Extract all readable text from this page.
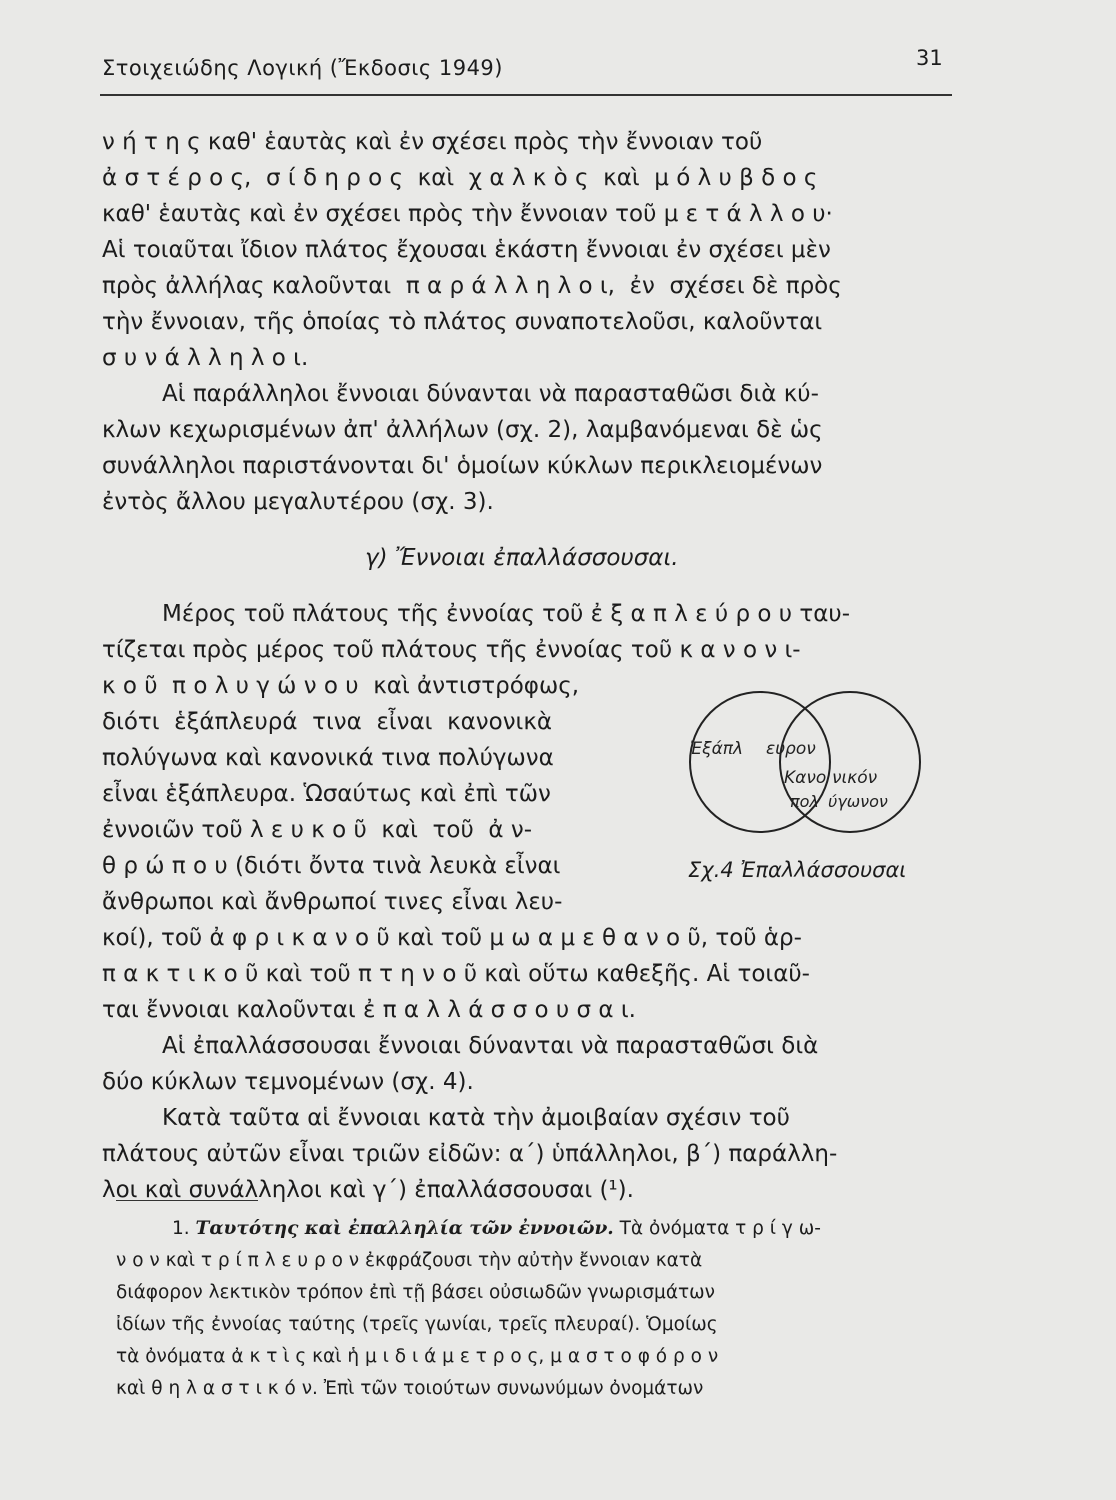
Στοιχειώδης Λογική (Ἔκδοσις 1949)	31
ν ή τ η ς καθ' ἑαυτὰς καὶ ἐν σχέσει πρὸς τὴν ἔννοιαν τοῦ
ἀ σ τ έ ρ ο ς,  σ ί δ η ρ ο ς  καὶ  χ α λ κ ὸ ς  καὶ  μ ό λ υ β δ ο ς
καθ' ἑαυτὰς καὶ ἐν σχέσει πρὸς τὴν ἔννοιαν τοῦ μ ε τ ά λ λ ο υ·
Αἱ τοιαῦται ἴδιον πλάτος ἔχουσαι ἑκάστη ἔννοιαι ἐν σχέσει μὲν
πρὸς ἀλλήλας καλοῦνται  π α ρ ά λ λ η λ ο ι,  ἐν  σχέσει δὲ πρὸς
τὴν ἔννοιαν, τῆς ὁποίας τὸ πλάτος συναποτελοῦσι, καλοῦνται
σ υ ν ά λ λ η λ ο ι.
Αἱ παράλληλοι ἔννοιαι δύνανται νὰ παρασταθῶσι διὰ κύ-
κλων κεχωρισμένων ἀπ' ἀλλήλων (σχ. 2), λαμβανόμεναι δὲ ὡς
συνάλληλοι παριστάνονται δι' ὁμοίων κύκλων περικλειομένων
ἐντὸς ἄλλου μεγαλυτέρου (σχ. 3).
γ) Ἔννοιαι ἐπαλλάσσουσαι.
Μέρος τοῦ πλάτους τῆς ἐννοίας τοῦ ἐ ξ α π λ ε ύ ρ ο υ ταυ-
τίζεται πρὸς μέρος τοῦ πλάτους τῆς ἐννοίας τοῦ κ α ν ο ν ι-
κ ο ῦ  π ο λ υ γ ώ ν ο υ  καὶ ἀντιστρόφως,
διότι  ἑξάπλευρά  τινα  εἶναι  κανονικὰ
πολύγωνα καὶ κανονικά τινα πολύγωνα
εἶναι ἑξάπλευρα. Ὡσαύτως καὶ ἐπὶ τῶν
ἐννοιῶν τοῦ λ ε υ κ ο ῦ  καὶ  τοῦ  ἀ ν-
θ ρ ώ π ο υ (διότι ὄντα τινὰ λευκὰ εἶναι
ἄνθρωποι καὶ ἄνθρωποί τινες εἶναι λευ-
κοί), τοῦ ἀ φ ρ ι κ α ν ο ῦ καὶ τοῦ μ ω α μ ε θ α ν ο ῦ, τοῦ ἁρ-
π α κ τ ι κ ο ῦ καὶ τοῦ π τ η ν ο ῦ καὶ οὕτω καθεξῆς. Αἱ τοιαῦ-
ται ἔννοιαι καλοῦνται ἐ π α λ λ ά σ σ ο υ σ α ι.
Αἱ ἐπαλλάσσουσαι ἔννοιαι δύνανται νὰ παρασταθῶσι διὰ
δύο κύκλων τεμνομένων (σχ. 4).
Κατὰ ταῦτα αἱ ἔννοιαι κατὰ τὴν ἀμοιβαίαν σχέσιν τοῦ
πλάτους αὐτῶν εἶναι τριῶν εἰδῶν: α΄) ὑπάλληλοι, β΄) παράλλη-
λοι καὶ συνάλληλοι καὶ γ΄) ἐπαλλάσσουσαι (¹).
Ἑξάπλ ευρον
Κανο νικόν
πολ ύγωνον
Σχ.4 Ἐπαλλάσσουσαι
1. Ταυτότης καὶ ἐπαλληλία τῶν ἐννοιῶν. Τὰ ὀνόματα τ ρ ί γ ω-
ν ο ν καὶ τ ρ ί π λ ε υ ρ ο ν ἐκφράζουσι τὴν αὐτὴν ἔννοιαν κατὰ
διάφορον λεκτικὸν τρόπον ἐπὶ τῇ βάσει οὐσιωδῶν γνωρισμάτων
ἰδίων τῆς ἐννοίας ταύτης (τρεῖς γωνίαι, τρεῖς πλευραί). Ὁμοίως
τὰ ὀνόματα ἀ κ τ ὶ ς καὶ ἡ μ ι δ ι ά μ ε τ ρ ο ς, μ α σ τ ο φ ό ρ ο ν
καὶ θ η λ α σ τ ι κ ό ν. Ἐπὶ τῶν τοιούτων συνωνύμων ὀνομάτων
